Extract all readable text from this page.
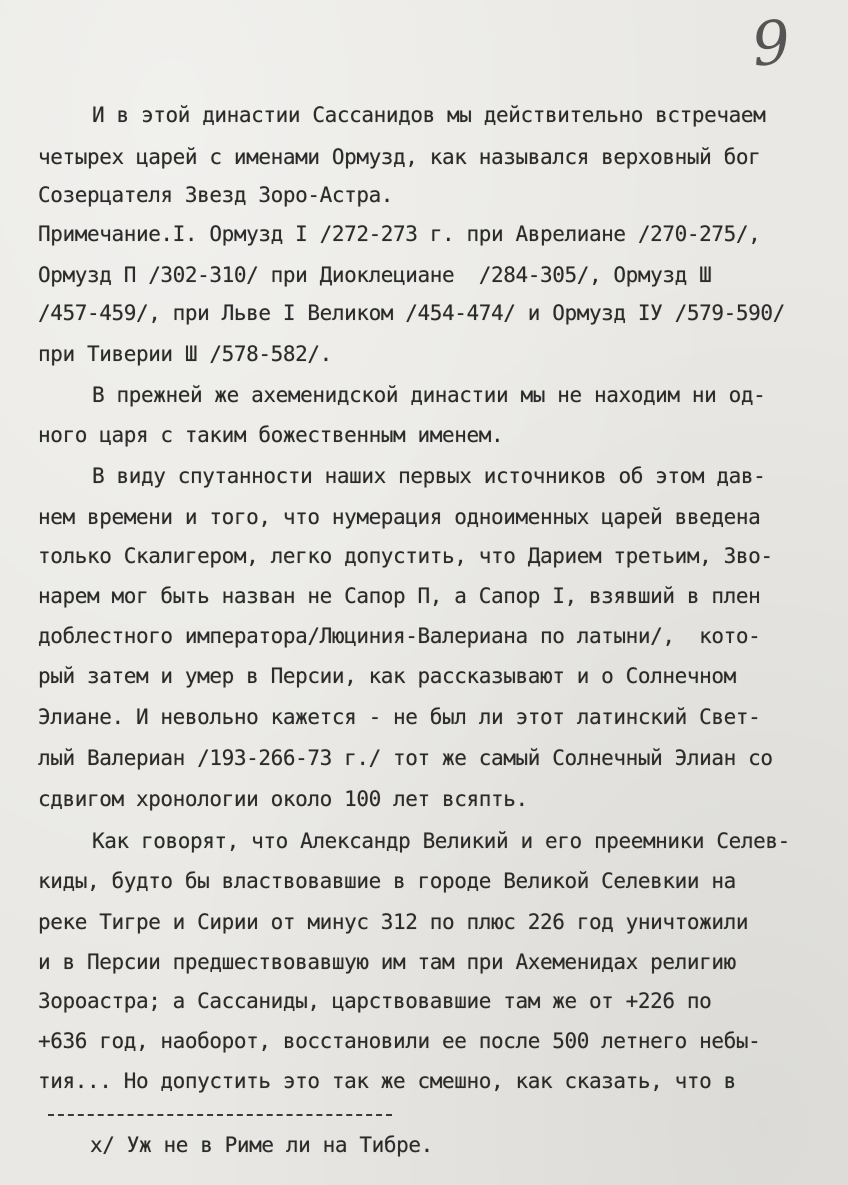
9
И в этой династии Сассанидов мы действительно встречаем
четырех царей с именами Ормузд, как назывался верховный бог
Созерцателя Звезд Зоро-Астра.
Примечание.I. Ормузд I /272-273 г. при Аврелиане /270-275/,
Ормузд П /302-310/ при Диоклециане  /284-305/, Ормузд Ш
/457-459/, при Льве I Великом /454-474/ и Ормузд IУ /579-590/
при Тиверии Ш /578-582/.
В прежней же ахеменидской династии мы не находим ни од-
ного царя с таким божественным именем.
В виду спутанности наших первых источников об этом дав-
нем времени и того, что нумерация одноименных царей введена
только Скалигером, легко допустить, что Дарием третьим, Зво-
нарем мог быть назван не Сапор П, а Сапор I, взявший в плен
доблестного императора/Люциния-Валериана по латыни/,  кото-
рый затем и умер в Персии, как рассказывают и о Солнечном
Элиане. И невольно кажется - не был ли этот латинский Свет-
лый Валериан /193-266-73 г./ тот же самый Солнечный Элиан со
сдвигом хронологии около 100 лет всяпть.
Как говорят, что Александр Великий и его преемники Селев-
киды, будто бы властвовавшие в городе Великой Селевкии на
реке Тигре и Сирии от минус 312 по плюс 226 год уничтожили
и в Персии предшествовавшую им там при Ахеменидах религию
Зороастра; а Сассаниды, царствовавшие там же от +226 по
+636 год, наоборот, восстановили ее после 500 летнего небы-
тия... Но допустить это так же смешно, как сказать, что в
х/ Уж не в Риме ли на Тибре.
